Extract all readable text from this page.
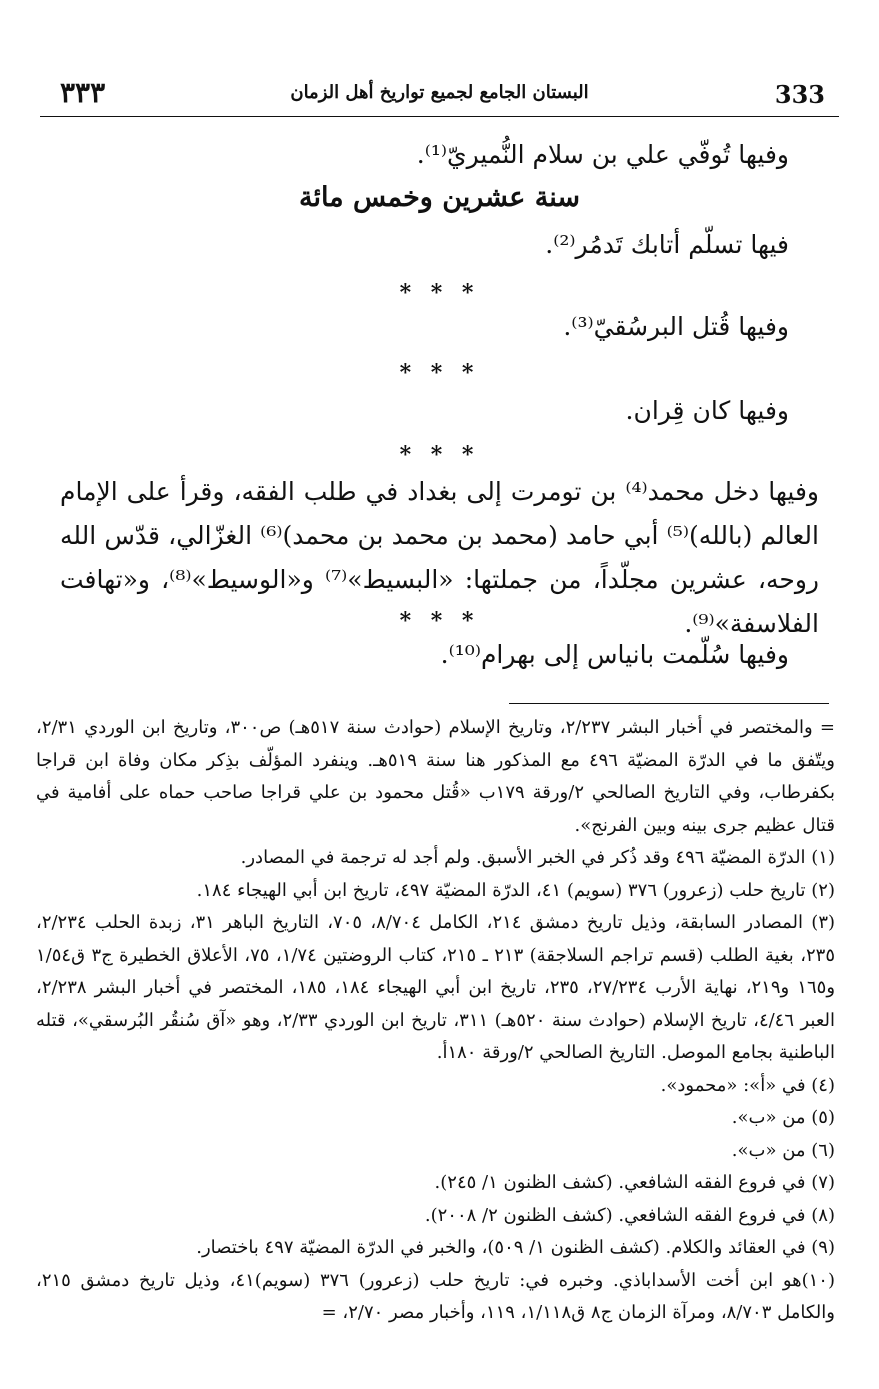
333
البستان الجامع لجميع تواريخ أهل الزمان
٣٣٣
وفيها تُوفّي علي بن سلام النُّميريّ⁽¹⁾.
سنة عشرين وخمس مائة
فيها تسلّم أتابك تَدمُر⁽²⁾.
* * *
وفيها قُتل البرسُقيّ⁽³⁾.
* * *
وفيها كان قِران.
* * *
وفيها دخل محمد⁽⁴⁾ بن تومرت إلى بغداد في طلب الفقه، وقرأ على الإمام العالم (بالله)⁽⁵⁾ أبي حامد (محمد بن محمد بن محمد)⁽⁶⁾ الغزّالي، قدّس الله روحه، عشرين مجلّداً، من جملتها: «البسيط»⁽⁷⁾ و«الوسيط»⁽⁸⁾، و«تهافت الفلاسفة»⁽⁹⁾.
* * *
وفيها سُلّمت بانياس إلى بهرام⁽¹⁰⁾.

= والمختصر في أخبار البشر ٢/٢٣٧، وتاريخ الإسلام (حوادث سنة ٥١٧هـ) ص٣٠٠، وتاريخ ابن الوردي ٢/٣١، ويتّفق ما في الدرّة المضيّة ٤٩٦ مع المذكور هنا سنة ٥١٩هـ. وينفرد المؤلّف بذِكر مكان وفاة ابن قراجا بكفرطاب، وفي التاريخ الصالحي ٢/ورقة ١٧٩ب «قُتل محمود بن علي قراجا صاحب حماه على أفامية في قتال عظيم جرى بينه وبين الفرنج».

(١) الدرّة المضيّة ٤٩٦ وقد ذُكر في الخبر الأسبق. ولم أجد له ترجمة في المصادر.

(٢) تاريخ حلب (زعرور) ٣٧٦ (سويم) ٤١، الدرّة المضيّة ٤٩٧، تاريخ ابن أبي الهيجاء ١٨٤.

(٣) المصادر السابقة، وذيل تاريخ دمشق ٢١٤، الكامل ٨/٧٠٤، ٧٠٥، التاريخ الباهر ٣١، زبدة الحلب ٢/٢٣٤، ٢٣٥، بغية الطلب (قسم تراجم السلاجقة) ٢١٣ ـ ٢١٥، كتاب الروضتين ١/٧٤، ٧٥، الأعلاق الخطيرة ج٣ ق١/٥٤ و١٦٥ و٢١٩، نهاية الأرب ٢٧/٢٣٤، ٢٣٥، تاريخ ابن أبي الهيجاء ١٨٤، ١٨٥، المختصر في أخبار البشر ٢/٢٣٨، العبر ٤/٤٦، تاريخ الإسلام (حوادث سنة ٥٢٠هـ) ٣١١، تاريخ ابن الوردي ٢/٣٣، وهو «آق سُنقُر البُرسقي»، قتله الباطنية بجامع الموصل. التاريخ الصالحي ٢/ورقة ١٨٠أ.

(٤) في «أ»: «محمود».

(٥) من «ب».

(٦) من «ب».

(٧) في فروع الفقه الشافعي. (كشف الظنون ١/ ٢٤٥).

(٨) في فروع الفقه الشافعي. (كشف الظنون ٢/ ٢٠٠٨).

(٩) في العقائد والكلام. (كشف الظنون ١/ ٥٠٩)، والخبر في الدرّة المضيّة ٤٩٧ باختصار.

(١٠)هو ابن أخت الأسداباذي. وخبره في: تاريخ حلب (زعرور) ٣٧٦ (سويم)٤١، وذيل تاريخ دمشق ٢١٥، والكامل ٨/٧٠٣، ومرآة الزمان ج٨ ق١/١١٨، ١١٩، وأخبار مصر ٢/٧٠، =
